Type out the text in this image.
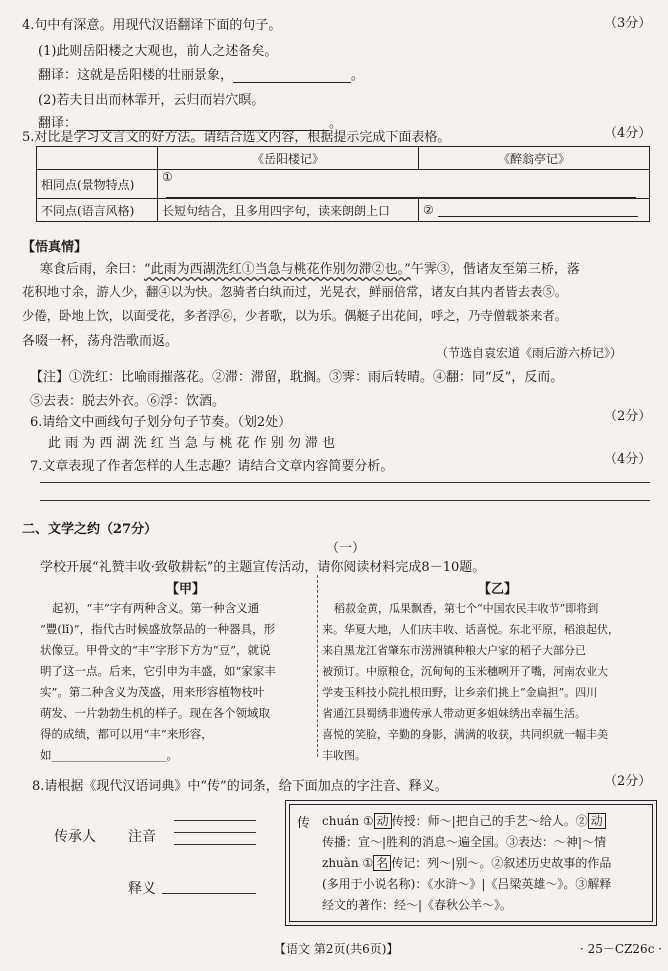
4.句中有深意。用现代汉语翻译下面的句子。	（3分）
(1)此则岳阳楼之大观也，前人之述备矣。
翻译：这就是岳阳楼的壮丽景象，	。
(2)若夫日出而林霏开，云归而岩穴暝。
翻译：	。
5.对比是学习文言文的好方法。请结合选文内容，根据提示完成下面表格。	（4分）
	《岳阳楼记》	《醉翁亭记》
相同点(景物特点)	①	
不同点(语言风格)	长短句结合，且多用四字句，读来朗朗上口	②
【悟真情】
寒食后雨，余曰：“此雨为西湖洗红①当急与桃花作别勿滞②也。”午霁③，偕诸友至第三桥，落
花积地寸余，游人少，翻④以为快。忽骑者白纨而过，光晃衣，鲜丽倍常，诸友白其内者皆去表⑤。
少倦，卧地上饮，以面受花，多者浮⑥，少者歌，以为乐。偶艇子出花间，呼之，乃寺僧载茶来者。
各啜一杯，荡舟浩歌而返。
（节选自袁宏道《雨后游六桥记》）
【注】①洗红：比喻雨摧落花。②滞：滞留，耽搁。③霁：雨后转晴。④翻：同“反”，反而。
⑤去表：脱去外衣。⑥浮：饮酒。
6.请给文中画线句子划分句子节奏。（划2处）	（2分）
此 雨 为 西 湖 洗 红 当 急 与 桃 花 作 别 勿 滞 也
7.文章表现了作者怎样的人生志趣？请结合文章内容简要分析。	（4分）
二、文学之约（27分）
（一）
学校开展“礼赞丰收·致敬耕耘”的主题宣传活动，请你阅读材料完成8－10题。
【甲】	【乙】
起初，“丰”字有两种含义。第一种含义通
“豐(lǐ)”，指代古时候盛放祭品的一种器具，形
状像豆。甲骨文的“丰”字形下方为“豆”，就说
明了这一点。后来，它引申为丰盛，如“家家丰
实”。第二种含义为茂盛，用来形容植物枝叶
萌发、一片勃勃生机的样子。现在各个领域取
得的成绩，都可以用“丰”来形容，
如____________________。
稻菽金黄，瓜果飘香，第七个“中国农民丰收节”即将到
来。华夏大地，人们庆丰收、话喜悦。东北平原，稻浪起伏，
来自黑龙江省肇东市涝洲镇种粮大户家的稻子大部分已
被预订。中原粮仓，沉甸甸的玉米穗咧开了嘴，河南农业大
学麦玉科技小院扎根田野，让乡亲们挑上“金扁担”。四川
省通江县蜀绣非遗传承人带动更多姐妹绣出幸福生活。
喜悦的笑脸，辛勤的身影，满满的收获，共同织就一幅丰美
丰收图。
8.请根据《现代汉语词典》中“传”的词条，给下面加点的字注音、释义。	（2分）
传承人 注音
释义
传 chuán ① 动 传授：师～|把自己的手艺～给人。② 动
传播：宣～|胜利的消息～遍全国。③表达：～神|～情
zhuàn ① 名 传记：列～|别～。②叙述历史故事的作品
(多用于小说名称)：《水浒～》|《吕梁英雄～》。③解释
经文的著作：经～|《春秋公羊～》。
【语文 第2页(共6页)】	· 25－CZ26c ·
